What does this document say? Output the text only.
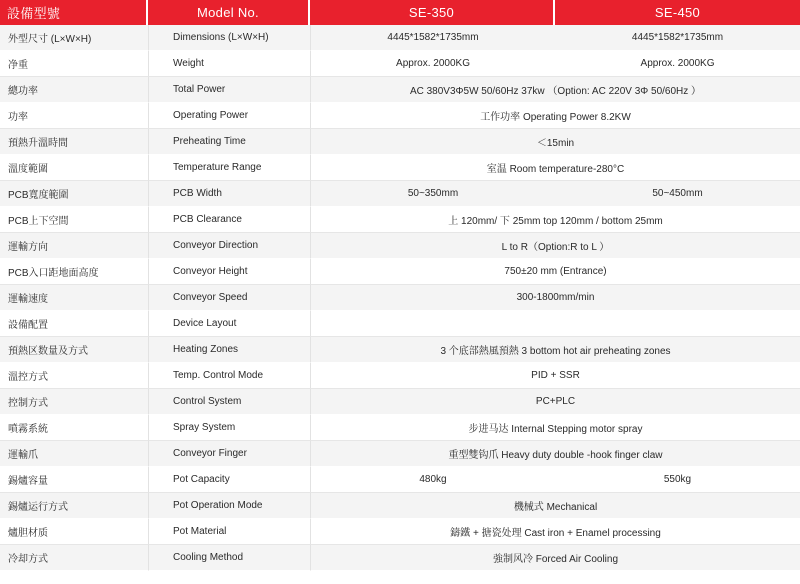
設備型號	Model No.	SE-350	SE-450
外型尺寸 (L×W×H)	Dimensions (L×W×H)	4445*1582*1735mm	4445*1582*1735mm
净重	Weight	Approx. 2000KG	Approx. 2000KG
總功率	Total Power	AC 380V3Φ5W 50/60Hz 37kw （Option: AC 220V 3Φ 50/60Hz ）	
功率	Operating Power	工作功率 Operating Power 8.2KW	
預熱升溫時間	Preheating Time	＜15min	
溫度範圍	Temperature Range	室温 Room temperature-280°C	
PCB寬度範圍	PCB Width	50~350mm	50~450mm
PCB上下空間	PCB Clearance	上 120mm/ 下 25mm top 120mm / bottom 25mm	
運輸方向	Conveyor Direction	L to R（Option:R to L ）	
PCB入口距地面高度	Conveyor Height	750±20 mm (Entrance)	
運輸速度	Conveyor Speed	300-1800mm/min	
設備配置	Device Layout		
預熱区数量及方式	Heating Zones	3 个底部熱風預熱 3 bottom hot air preheating zones	
溫控方式	Temp. Control Mode	PID + SSR	
控制方式	Control System	PC+PLC	
噴霧系統	Spray System	步进马达 Internal Stepping motor spray	
運輸爪	Conveyor Finger	重型雙钩爪 Heavy duty double -hook finger claw	
錫爐容量	Pot Capacity	480kg	550kg
錫爐运行方式	Pot Operation Mode	機械式 Mechanical	
爐胆材质	Pot Material	鑄鐵 + 搪瓷处理 Cast iron + Enamel processing	
冷却方式	Cooling Method	強制风冷 Forced Air Cooling	
